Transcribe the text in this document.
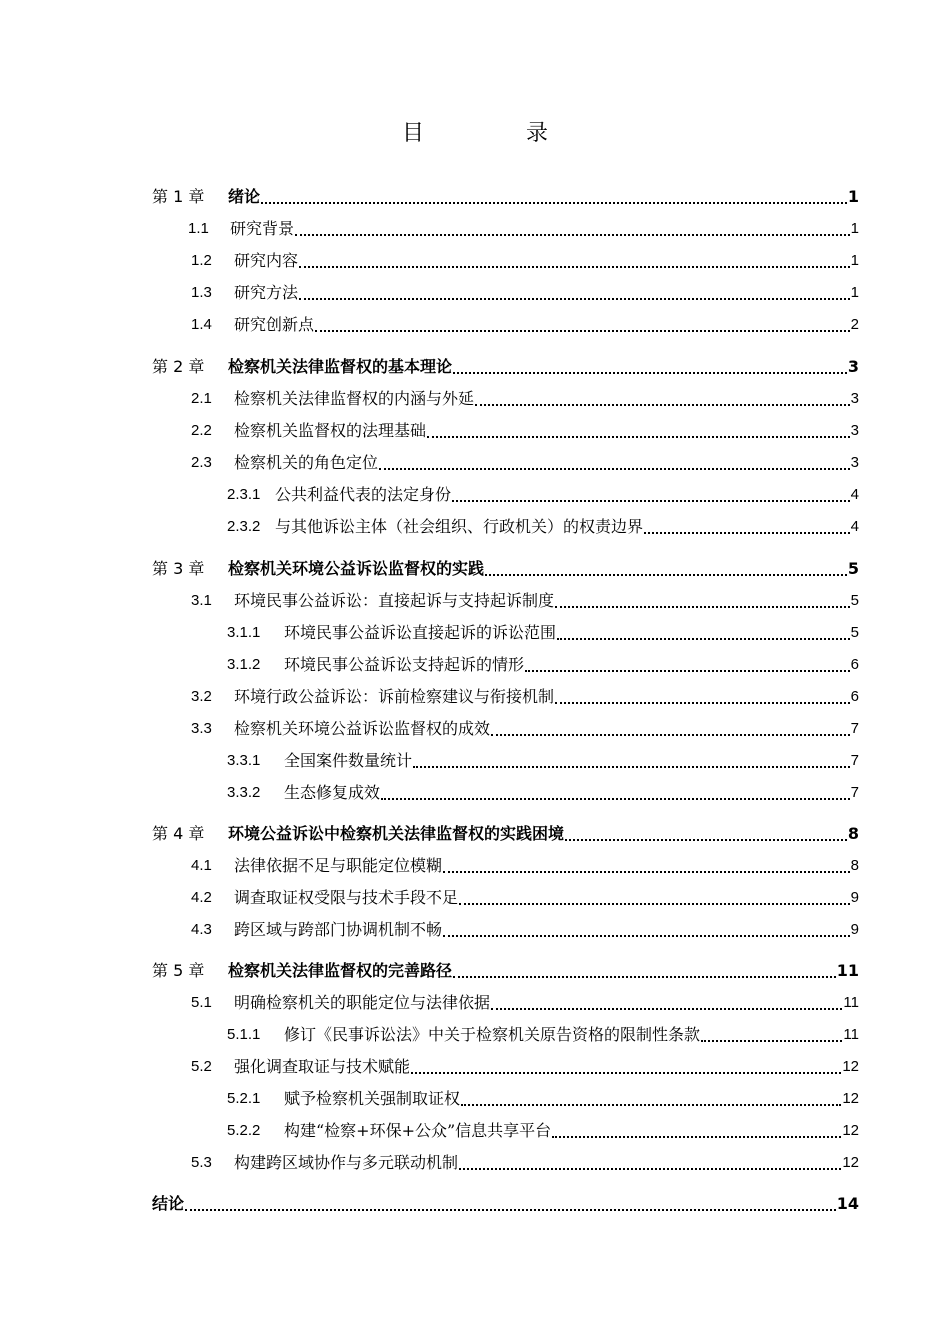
目　录
第 1 章	绪论	1
1.1	研究背景	1
1.2	研究内容	1
1.3	研究方法	1
1.4	研究创新点	2
第 2 章	检察机关法律监督权的基本理论	3
2.1	检察机关法律监督权的内涵与外延	3
2.2	检察机关监督权的法理基础	3
2.3	检察机关的角色定位	3
2.3.1 公共利益代表的法定身份	4
2.3.2 与其他诉讼主体（社会组织、行政机关）的权责边界	4
第 3 章	检察机关环境公益诉讼监督权的实践	5
3.1	环境民事公益诉讼：直接起诉与支持起诉制度	5
3.1.1	环境民事公益诉讼直接起诉的诉讼范围	5
3.1.2	环境民事公益诉讼支持起诉的情形	6
3.2	环境行政公益诉讼：诉前检察建议与衔接机制	6
3.3	检察机关环境公益诉讼监督权的成效	7
3.3.1	全国案件数量统计	7
3.3.2	生态修复成效	7
第 4 章	环境公益诉讼中检察机关法律监督权的实践困境	8
4.1	法律依据不足与职能定位模糊	8
4.2	调查取证权受限与技术手段不足	9
4.3	跨区域与跨部门协调机制不畅	9
第 5 章	检察机关法律监督权的完善路径	11
5.1	明确检察机关的职能定位与法律依据	11
5.1.1	修订《民事诉讼法》中关于检察机关原告资格的限制性条款	11
5.2	强化调查取证与技术赋能	12
5.2.1	赋予检察机关强制取证权	12
5.2.2	构建“检察+环保+公众”信息共享平台	12
5.3	构建跨区域协作与多元联动机制	12
结论	14
